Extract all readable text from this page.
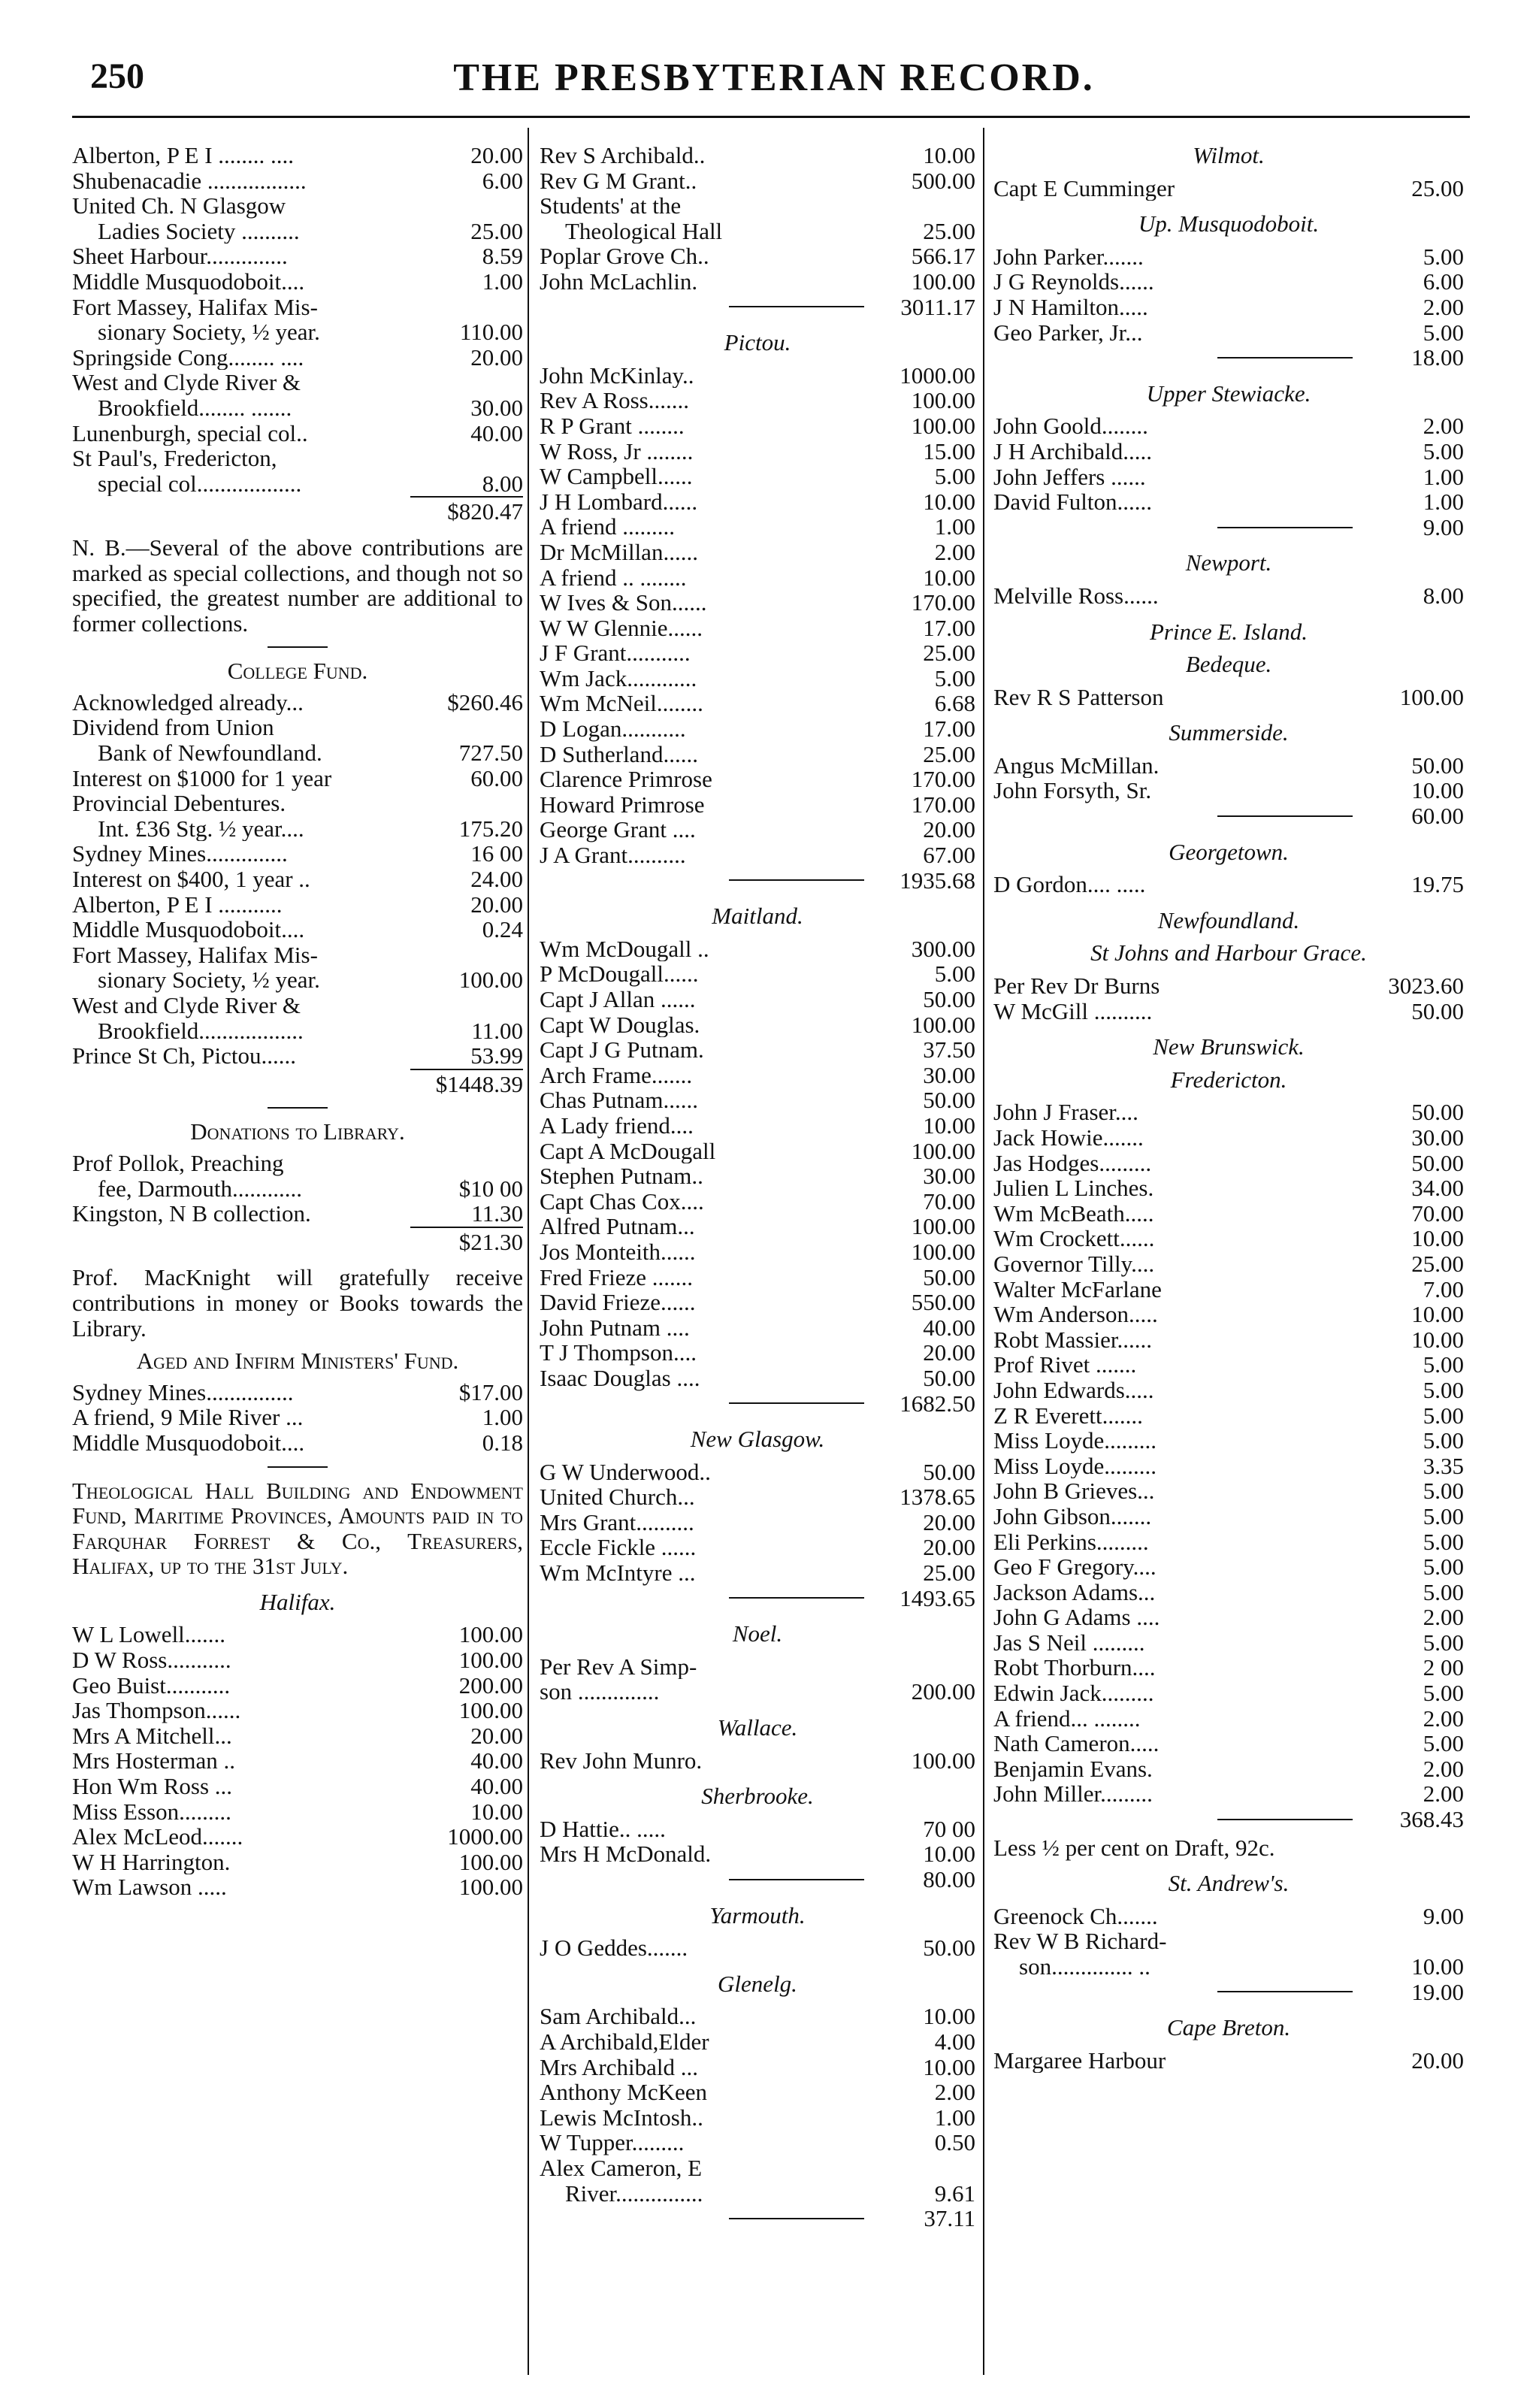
250	THE PRESBYTERIAN RECORD.
Alberton, P E I ........ ....	20.00
Shubenacadie .................	6.00
United Ch. N Glasgow
Ladies Society ..........	25.00
Sheet Harbour..............	8.59
Middle Musquodoboit....	1.00
Fort Massey, Halifax Mis-
sionary Society, ½ year.	110.00
Springside Cong........ ....	20.00
West and Clyde River &
Brookfield........ .......	30.00
Lunenburgh, special col..	40.00
St Paul's, Fredericton,
special col..................	8.00
$820.47
N. B.—Several of the above contributions are marked as special collections, and though not so specified, the greatest number are additional to former collections.
College Fund.
Acknowledged already...	$260.46
Dividend from Union
Bank of Newfoundland.	727.50
Interest on $1000 for 1 year	60.00
Provincial Debentures.
Int. £36 Stg. ½ year....	175.20
Sydney Mines..............	16 00
Interest on $400, 1 year ..	24.00
Alberton, P E I ...........	20.00
Middle Musquodoboit....	0.24
Fort Massey, Halifax Mis-
sionary Society, ½ year.	100.00
West and Clyde River &
Brookfield..................	11.00
Prince St Ch, Pictou......	53.99
$1448.39
Donations to Library.
Prof Pollok, Preaching
fee, Darmouth............	$10 00
Kingston, N B collection.	11.30
$21.30
Prof. MacKnight will gratefully receive contributions in money or Books towards the Library.
Aged and Infirm Ministers' Fund.
Sydney Mines...............	$17.00
A friend, 9 Mile River ...	1.00
Middle Musquodoboit....	0.18
Theological Hall Building and Endowment Fund, Maritime Provinces, Amounts paid in to Farquhar Forrest & Co., Treasurers, Halifax, up to the 31st July.
Halifax.
W L Lowell.......	100.00
D W Ross...........	100.00
Geo Buist...........	200.00
Jas Thompson......	100.00
Mrs A Mitchell...	20.00
Mrs Hosterman ..	40.00
Hon Wm Ross ...	40.00
Miss Esson.........	10.00
Alex McLeod.......	1000.00
W H Harrington.	100.00
Wm Lawson .....	100.00
Rev S Archibald..	10.00
Rev G M Grant..	500.00
Students' at the
Theological Hall	25.00
Poplar Grove Ch..	566.17
John McLachlin.	100.00
3011.17
Pictou.
John McKinlay..	1000.00
Rev A Ross.......	100.00
R P Grant ........	100.00
W Ross, Jr ........	15.00
W Campbell......	5.00
J H Lombard......	10.00
A friend .........	1.00
Dr McMillan......	2.00
A friend .. ........	10.00
W Ives & Son......	170.00
W W Glennie......	17.00
J F Grant...........	25.00
Wm Jack............	5.00
Wm McNeil........	6.68
D Logan...........	17.00
D Sutherland......	25.00
Clarence Primrose	170.00
Howard Primrose	170.00
George Grant ....	20.00
J A Grant..........	67.00
1935.68
Maitland.
Wm McDougall ..	300.00
P McDougall......	5.00
Capt J Allan ......	50.00
Capt W Douglas.	100.00
Capt J G Putnam.	37.50
Arch Frame.......	30.00
Chas Putnam......	50.00
A Lady friend....	10.00
Capt A McDougall	100.00
Stephen Putnam..	30.00
Capt Chas Cox....	70.00
Alfred Putnam...	100.00
Jos Monteith......	100.00
Fred Frieze .......	50.00
David Frieze......	550.00
John Putnam ....	40.00
T J Thompson....	20.00
Isaac Douglas ....	50.00
1682.50
New Glasgow.
G W Underwood..	50.00
United Church...	1378.65
Mrs Grant..........	20.00
Eccle Fickle ......	20.00
Wm McIntyre ...	25.00
1493.65
Noel.
Per Rev A Simp-
son ..............	200.00
Wallace.
Rev John Munro.	100.00
Sherbrooke.
D Hattie.. .....	70 00
Mrs H McDonald.	10.00
80.00
Yarmouth.
J O Geddes.......	50.00
Glenelg.
Sam Archibald...	10.00
A Archibald,Elder	4.00
Mrs Archibald ...	10.00
Anthony McKeen	2.00
Lewis McIntosh..	1.00
W Tupper.........	0.50
Alex Cameron, E
River...............	9.61
37.11
Wilmot.
Capt E Cumminger	25.00
Up. Musquodoboit.
John Parker.......	5.00
J G Reynolds......	6.00
J N Hamilton.....	2.00
Geo Parker, Jr...	5.00
18.00
Upper Stewiacke.
John Goold........	2.00
J H Archibald.....	5.00
John Jeffers ......	1.00
David Fulton......	1.00
9.00
Newport.
Melville Ross......	8.00
Prince E. Island.
Bedeque.
Rev R S Patterson	100.00
Summerside.
Angus McMillan.	50.00
John Forsyth, Sr.	10.00
60.00
Georgetown.
D Gordon.... .....	19.75
Newfoundland.
St Johns and Harbour Grace.
Per Rev Dr Burns	3023.60
W McGill ..........	50.00
New Brunswick.
Fredericton.
John J Fraser....	50.00
Jack Howie.......	30.00
Jas Hodges.........	50.00
Julien L Linches.	34.00
Wm McBeath.....	70.00
Wm Crockett......	10.00
Governor Tilly....	25.00
Walter McFarlane	7.00
Wm Anderson.....	10.00
Robt Massier......	10.00
Prof Rivet .......	5.00
John Edwards.....	5.00
Z R Everett.......	5.00
Miss Loyde.........	5.00
Miss Loyde.........	3.35
John B Grieves...	5.00
John Gibson.......	5.00
Eli Perkins.........	5.00
Geo F Gregory....	5.00
Jackson Adams...	5.00
John G Adams ....	2.00
Jas S Neil .........	5.00
Robt Thorburn....	2 00
Edwin Jack.........	5.00
A friend... ........	2.00
Nath Cameron.....	5.00
Benjamin Evans.	2.00
John Miller.........	2.00
368.43
Less ½ per cent on Draft, 92c.
St. Andrew's.
Greenock Ch.......	9.00
Rev W B Richard-
son.............. ..	10.00
19.00
Cape Breton.
Margaree Harbour	20.00
